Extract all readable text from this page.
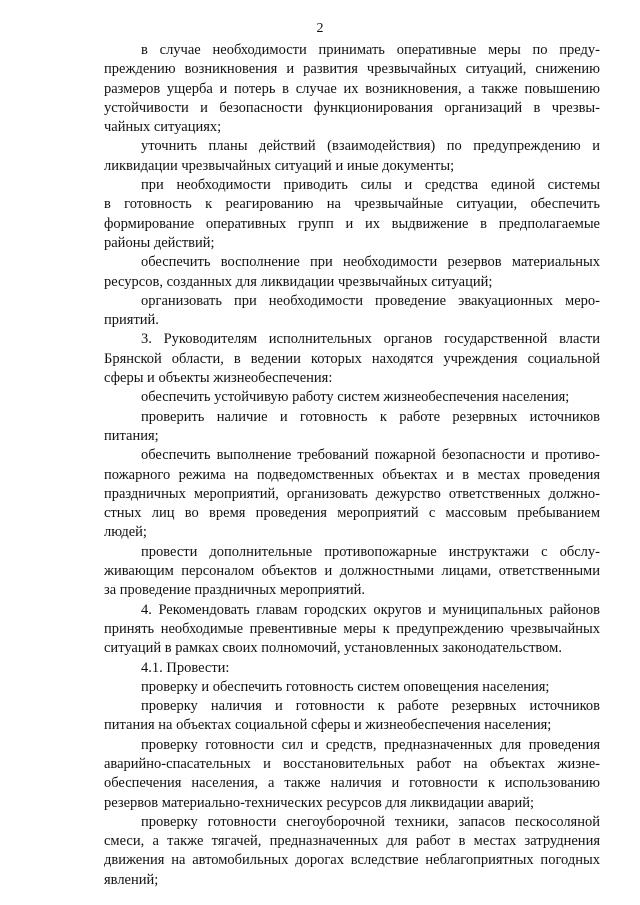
2
в случае необходимости принимать оперативные меры по преду-
преждению возникновения и развития чрезвычайных ситуаций, снижению
размеров ущерба и потерь в случае их возникновения, а также повышению
устойчивости и безопасности функционирования организаций в чрезвы-
чайных ситуациях;
уточнить планы действий (взаимодействия) по предупреждению и
ликвидации чрезвычайных ситуаций и иные документы;
при необходимости приводить силы и средства единой системы
в готовность к реагированию на чрезвычайные ситуации, обеспечить
формирование оперативных групп и их выдвижение в предполагаемые
районы действий;
обеспечить восполнение при необходимости резервов материальных
ресурсов, созданных для ликвидации чрезвычайных ситуаций;
организовать при необходимости проведение эвакуационных меро-
приятий.
3. Руководителям исполнительных органов государственной власти
Брянской области, в ведении которых находятся учреждения социальной
сферы и объекты жизнеобеспечения:
обеспечить устойчивую работу систем жизнеобеспечения населения;
проверить наличие и готовность к работе резервных источников
питания;
обеспечить выполнение требований пожарной безопасности и противо-
пожарного режима на подведомственных объектах и в местах проведения
праздничных мероприятий, организовать дежурство ответственных должно-
стных лиц во время проведения мероприятий с массовым пребыванием
людей;
провести дополнительные противопожарные инструктажи с обслу-
живающим персоналом объектов и должностными лицами, ответственными
за проведение праздничных мероприятий.
4. Рекомендовать главам городских округов и муниципальных районов
принять необходимые превентивные меры к предупреждению чрезвычайных
ситуаций в рамках своих полномочий, установленных законодательством.
4.1. Провести:
проверку и обеспечить готовность систем оповещения населения;
проверку наличия и готовности к работе резервных источников
питания на объектах социальной сферы и жизнеобеспечения населения;
проверку готовности сил и средств, предназначенных для проведения
аварийно-спасательных и восстановительных работ на объектах жизне-
обеспечения населения, а также наличия и готовности к использованию
резервов материально-технических ресурсов для ликвидации аварий;
проверку готовности снегоуборочной техники, запасов пескосоляной
смеси, а также тягачей, предназначенных для работ в местах затруднения
движения на автомобильных дорогах вследствие неблагоприятных погодных
явлений;
